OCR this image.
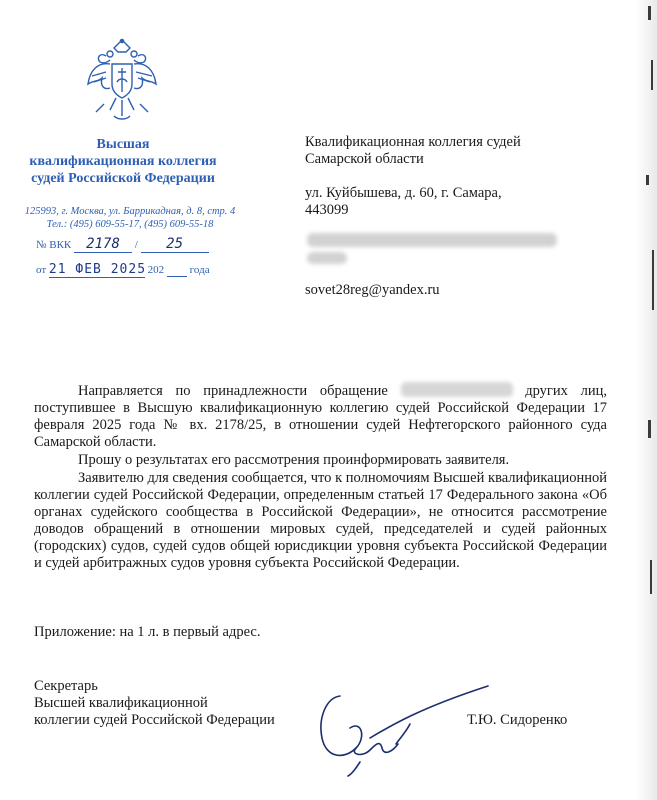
Высшая
квалификационная коллегия
судей Российской Федерации
125993, г. Москва, ул. Баррикадная, д. 8, стр. 4
Тел.: (495) 609-55-17, (495) 609-55-18
№ ВКК 2178 / 25
от 21 ФЕВ 2025 202 года
Квалификационная коллегия судей
Самарской области
ул. Куйбышева, д. 60, г. Самара,
443099
sovet28reg@yandex.ru

Направляется по принадлежности обращение	других лиц, поступившее в Высшую квалификационную коллегию судей Российской Федерации 17 февраля 2025 года № вх. 2178/25, в отношении судей Нефтегорского районного суда Самарской области.

Прошу о результатах его рассмотрения проинформировать заявителя.

Заявителю для сведения сообщается, что к полномочиям Высшей квалификационной коллегии судей Российской Федерации, определенным статьей 17 Федерального закона «Об органах судейского сообщества в Российской Федерации», не относится рассмотрение доводов обращений в отношении мировых судей, председателей и судей районных (городских) судов, судей судов общей юрисдикции уровня субъекта Российской Федерации и судей арбитражных судов уровня субъекта Российской Федерации.

Приложение: на 1 л. в первый адрес.
Секретарь
Высшей квалификационной
коллегии судей Российской Федерации	Т.Ю. Сидоренко
